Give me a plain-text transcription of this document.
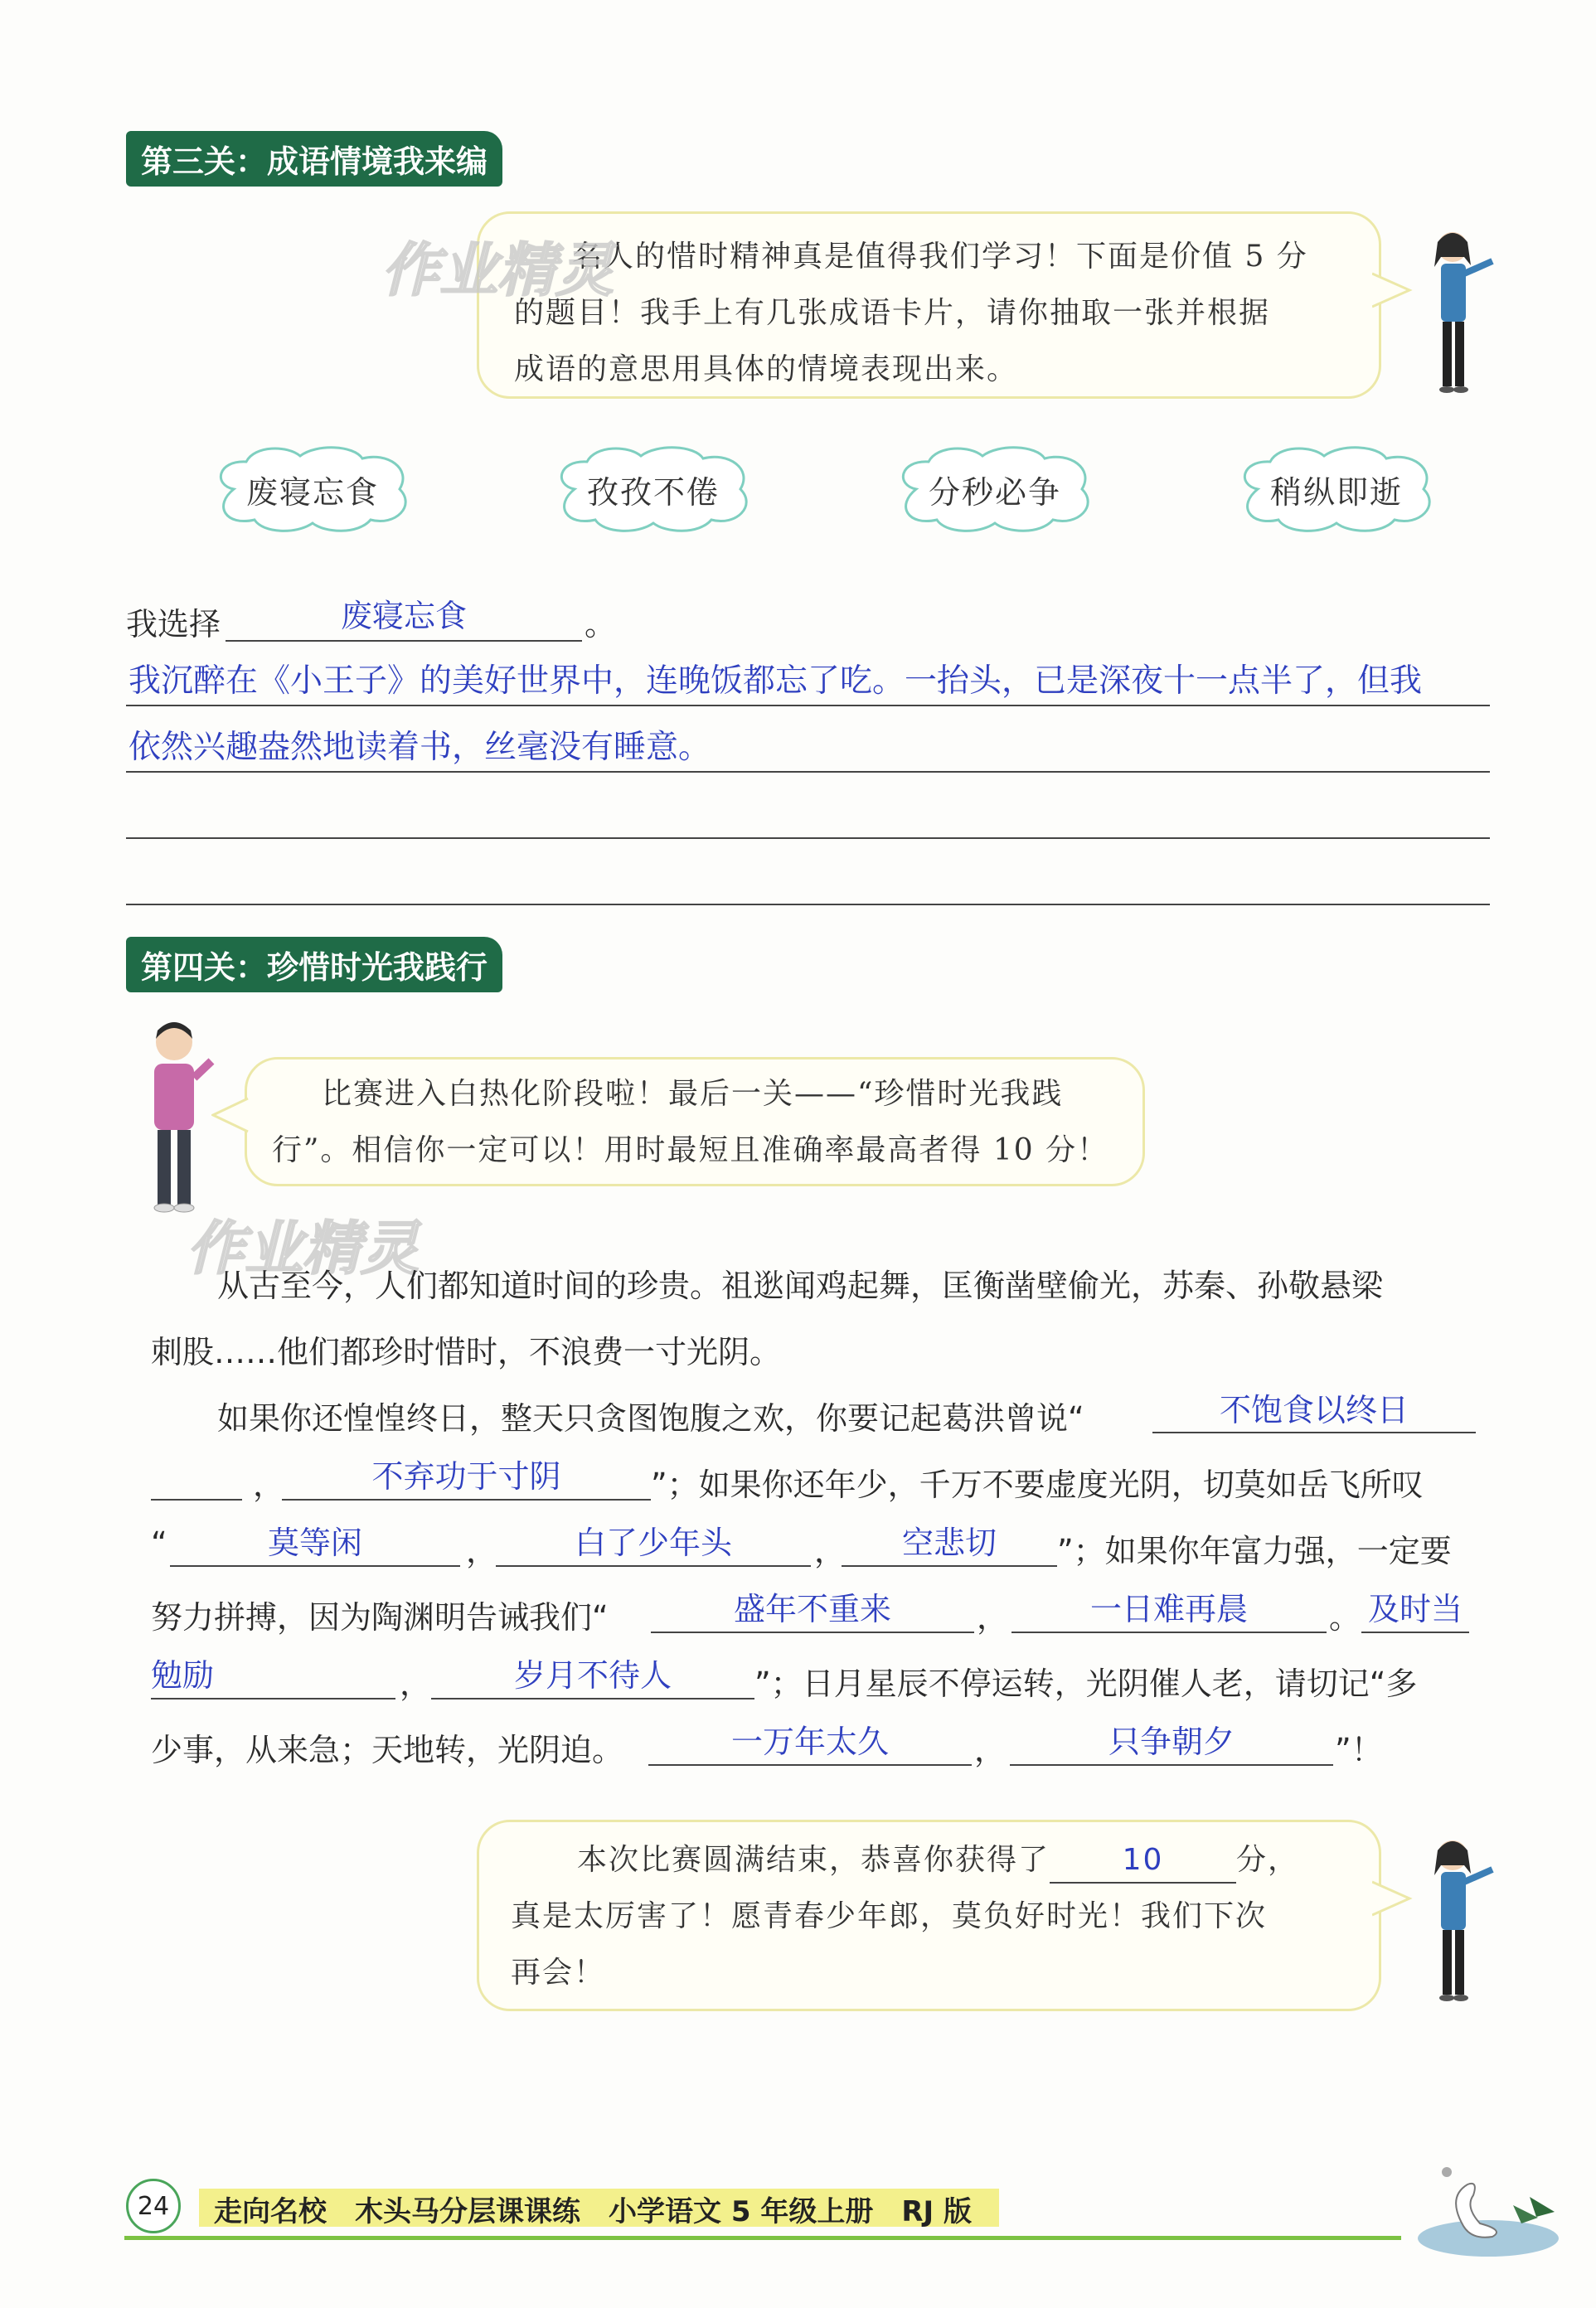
第三关：成语情境我来编
名人的惜时精神真是值得我们学习！下面是价值 5 分
的题目！我手上有几张成语卡片，请你抽取一张并根据
成语的意思用具体的情境表现出来。
作业精灵
废寝忘食	孜孜不倦	分秒必争	稍纵即逝
我选择	废寝忘食	。
我沉醉在《小王子》的美好世界中，连晚饭都忘了吃。一抬头，已是深夜十一点半了，但我
依然兴趣盎然地读着书，丝毫没有睡意。
第四关：珍惜时光我践行
比赛进入白热化阶段啦！最后一关——“珍惜时光我践
行”。相信你一定可以！用时最短且准确率最高者得 10 分！
作业精灵
从古至今，人们都知道时间的珍贵。祖逖闻鸡起舞，匡衡凿壁偷光，苏秦、孙敬悬梁
刺股……他们都珍时惜时，不浪费一寸光阴。
如果你还惶惶终日，整天只贪图饱腹之欢，你要记起葛洪曾说“	不饱食以终日
，	不弃功于寸阴	”；如果你还年少，千万不要虚度光阴，切莫如岳飞所叹
“	莫等闲	，	白了少年头	，	空悲切	”；如果你年富力强，一定要
努力拼搏，因为陶渊明告诫我们“	盛年不重来	，	一日难再晨	。 及时当
勉励	，	岁月不待人	”；日月星辰不停运转，光阴催人老，请切记“多
少事，从来急；天地转，光阴迫。	一万年太久	，	只争朝夕	”！
本次比赛圆满结束，恭喜你获得了 10 分，
真是太厉害了！愿青春少年郎，莫负好时光！我们下次
再会！
24	走向名校　木头马分层课课练　小学语文 5 年级上册　RJ 版
